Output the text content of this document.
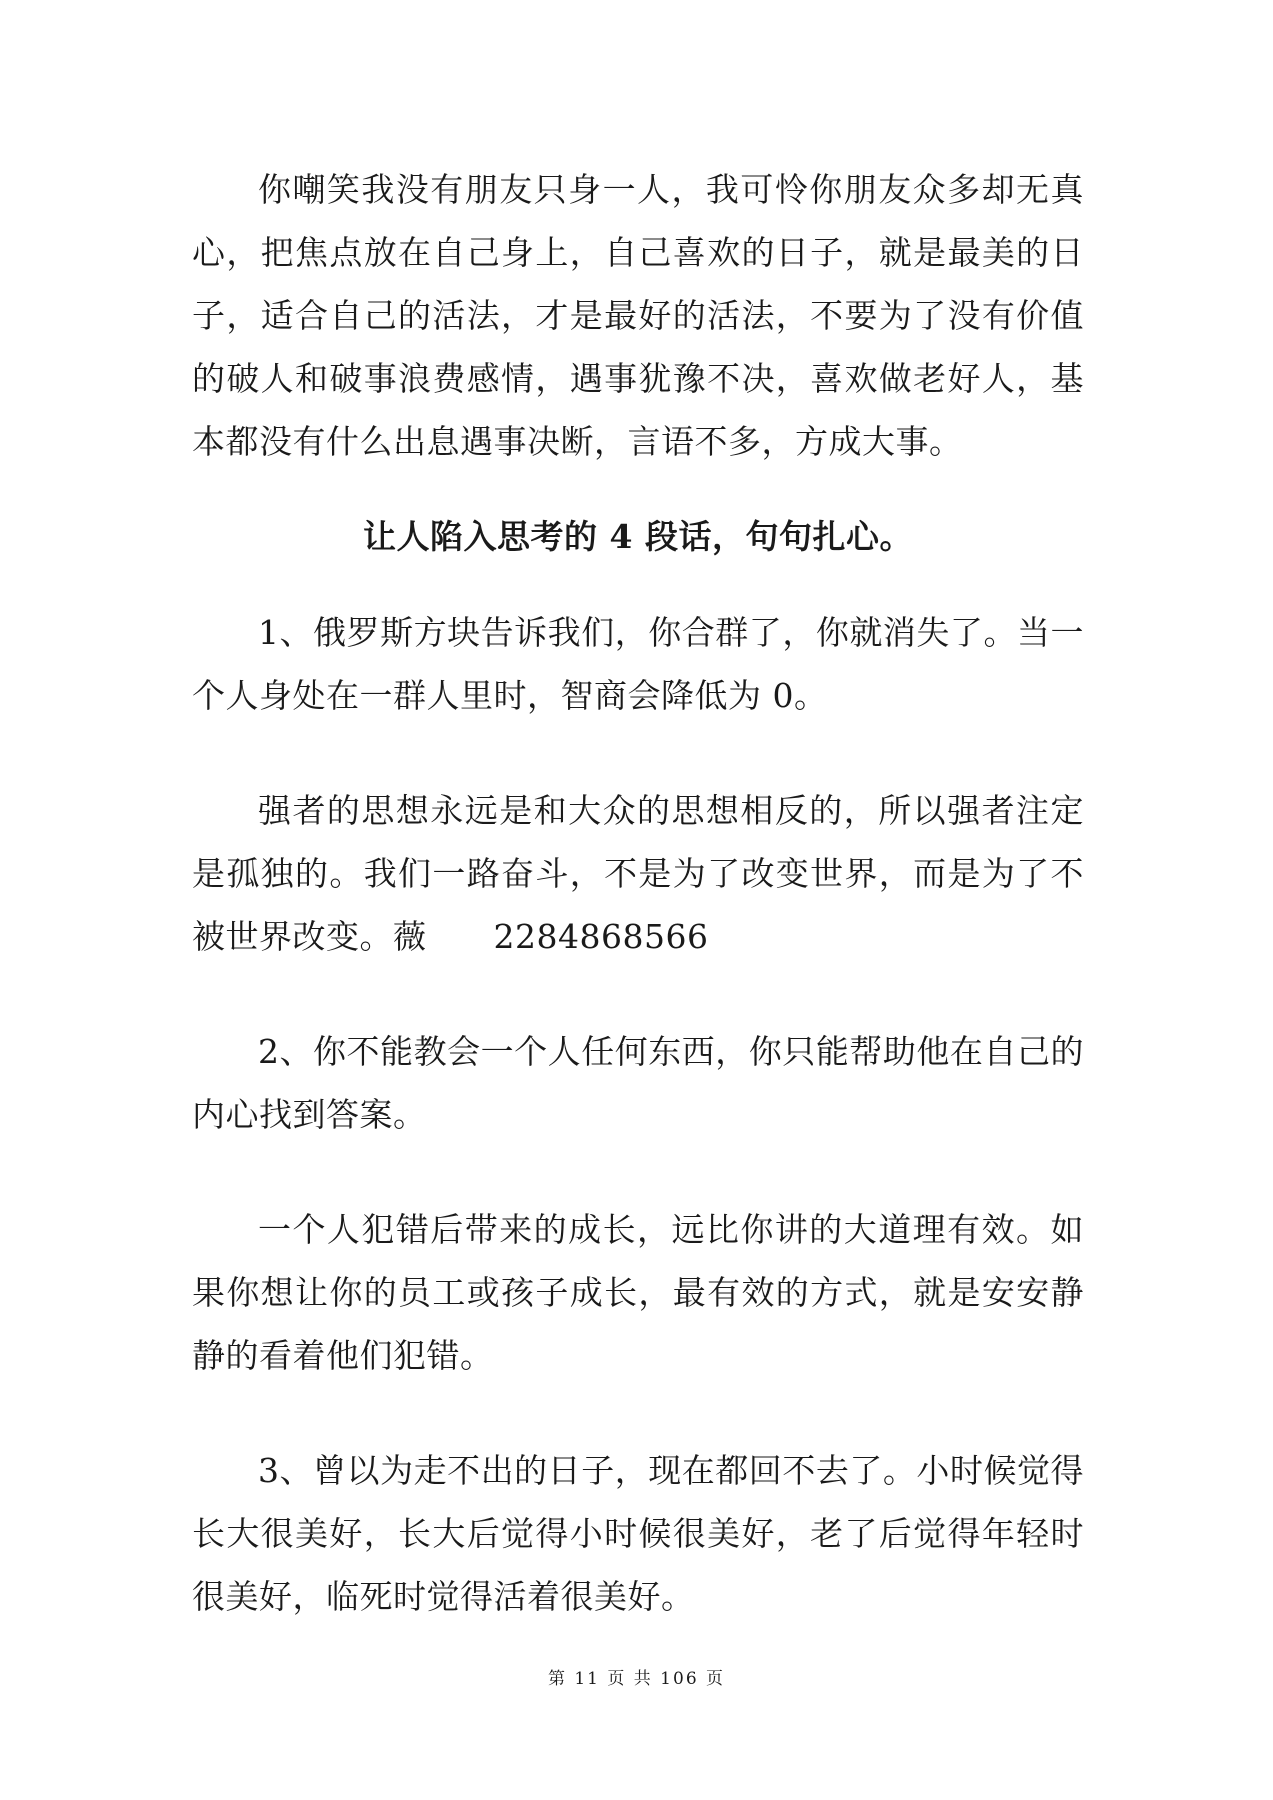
你嘲笑我没有朋友只身一人，我可怜你朋友众多却无真心，把焦点放在自己身上，自己喜欢的日子，就是最美的日子，适合自己的活法，才是最好的活法，不要为了没有价值的破人和破事浪费感情，遇事犹豫不决，喜欢做老好人，基本都没有什么出息遇事决断，言语不多，方成大事。

让人陷入思考的 4 段话，句句扎心。

1、俄罗斯方块告诉我们，你合群了，你就消失了。当一个人身处在一群人里时，智商会降低为 0。

强者的思想永远是和大众的思想相反的，所以强者注定是孤独的。我们一路奋斗，不是为了改变世界，而是为了不被世界改变。薇　　2284868566

2、你不能教会一个人任何东西，你只能帮助他在自己的内心找到答案。

一个人犯错后带来的成长，远比你讲的大道理有效。如果你想让你的员工或孩子成长，最有效的方式，就是安安静静的看着他们犯错。

3、曾以为走不出的日子，现在都回不去了。小时候觉得长大很美好，长大后觉得小时候很美好，老了后觉得年轻时很美好，临死时觉得活着很美好。

第 11 页 共 106 页
